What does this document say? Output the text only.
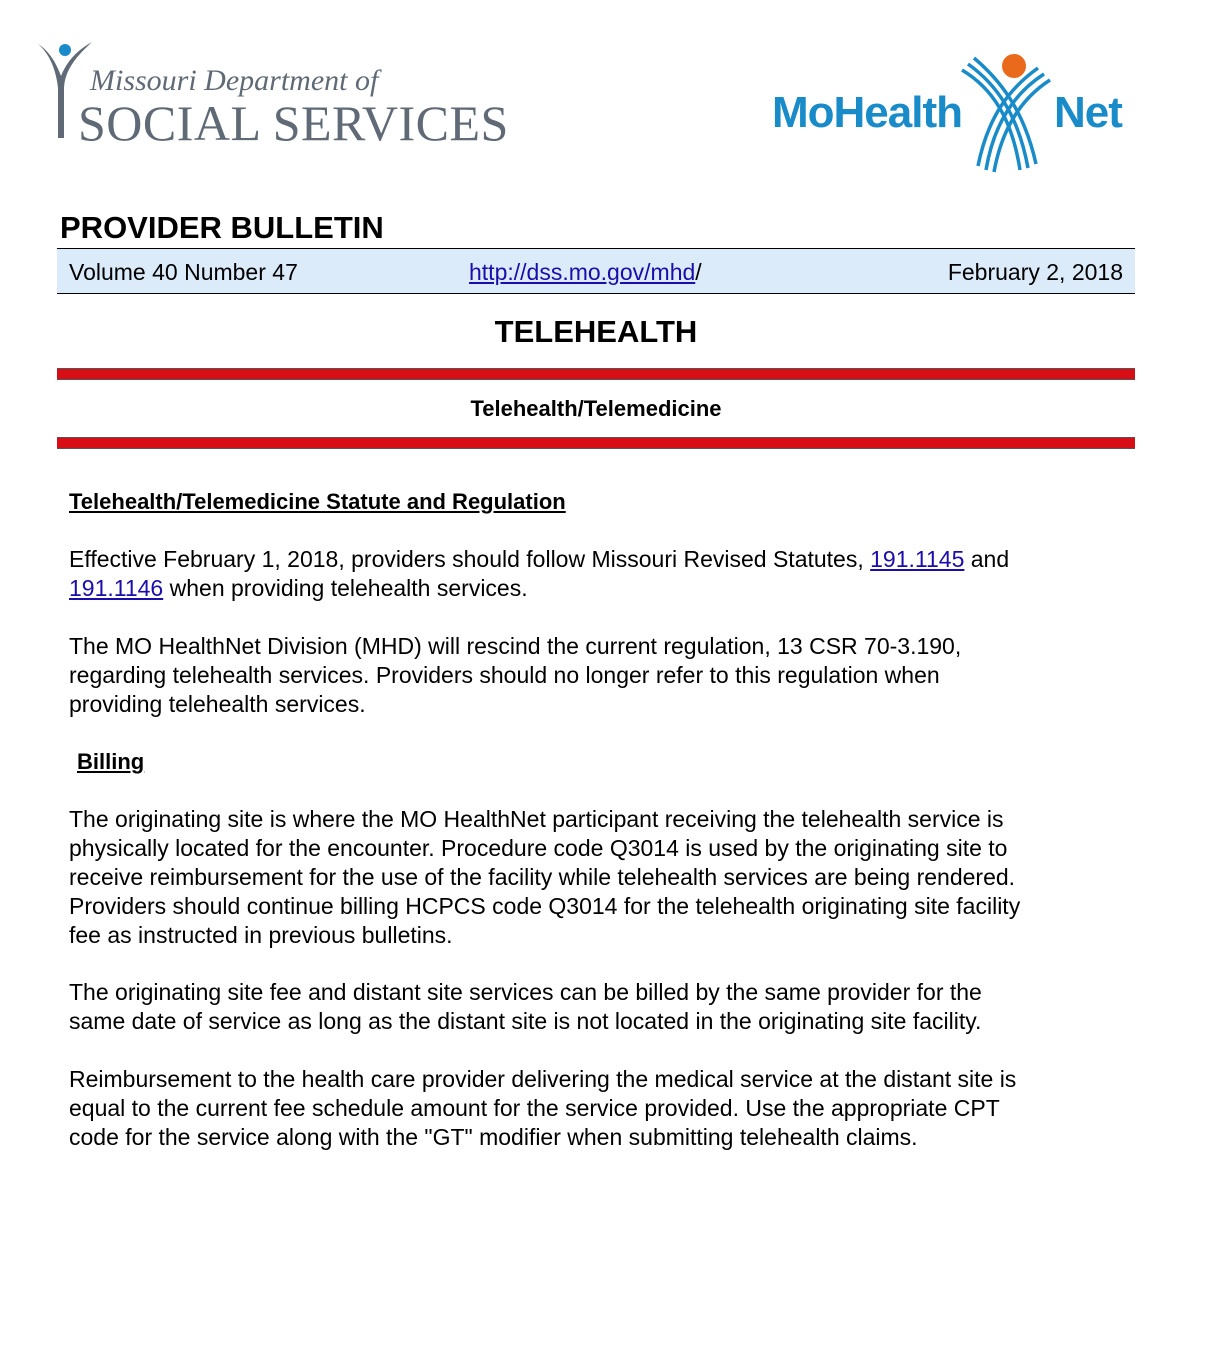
Missouri Department of
SOCIAL SERVICES	MoHealth Net
PROVIDER BULLETIN
Volume 40 Number 47	http://dss.mo.gov/mhd/	February 2, 2018
TELEHEALTH
Telehealth/Telemedicine
Telehealth/Telemedicine Statute and Regulation

Effective February 1, 2018, providers should follow Missouri Revised Statutes, 191.1145 and
191.1146 when providing telehealth services.

The MO HealthNet Division (MHD) will rescind the current regulation, 13 CSR 70-3.190,
regarding telehealth services. Providers should no longer refer to this regulation when
providing telehealth services.

Billing

The originating site is where the MO HealthNet participant receiving the telehealth service is
physically located for the encounter. Procedure code Q3014 is used by the originating site to
receive reimbursement for the use of the facility while telehealth services are being rendered.
Providers should continue billing HCPCS code Q3014 for the telehealth originating site facility
fee as instructed in previous bulletins.

The originating site fee and distant site services can be billed by the same provider for the
same date of service as long as the distant site is not located in the originating site facility.

Reimbursement to the health care provider delivering the medical service at the distant site is
equal to the current fee schedule amount for the service provided. Use the appropriate CPT
code for the service along with the "GT" modifier when submitting telehealth claims.
